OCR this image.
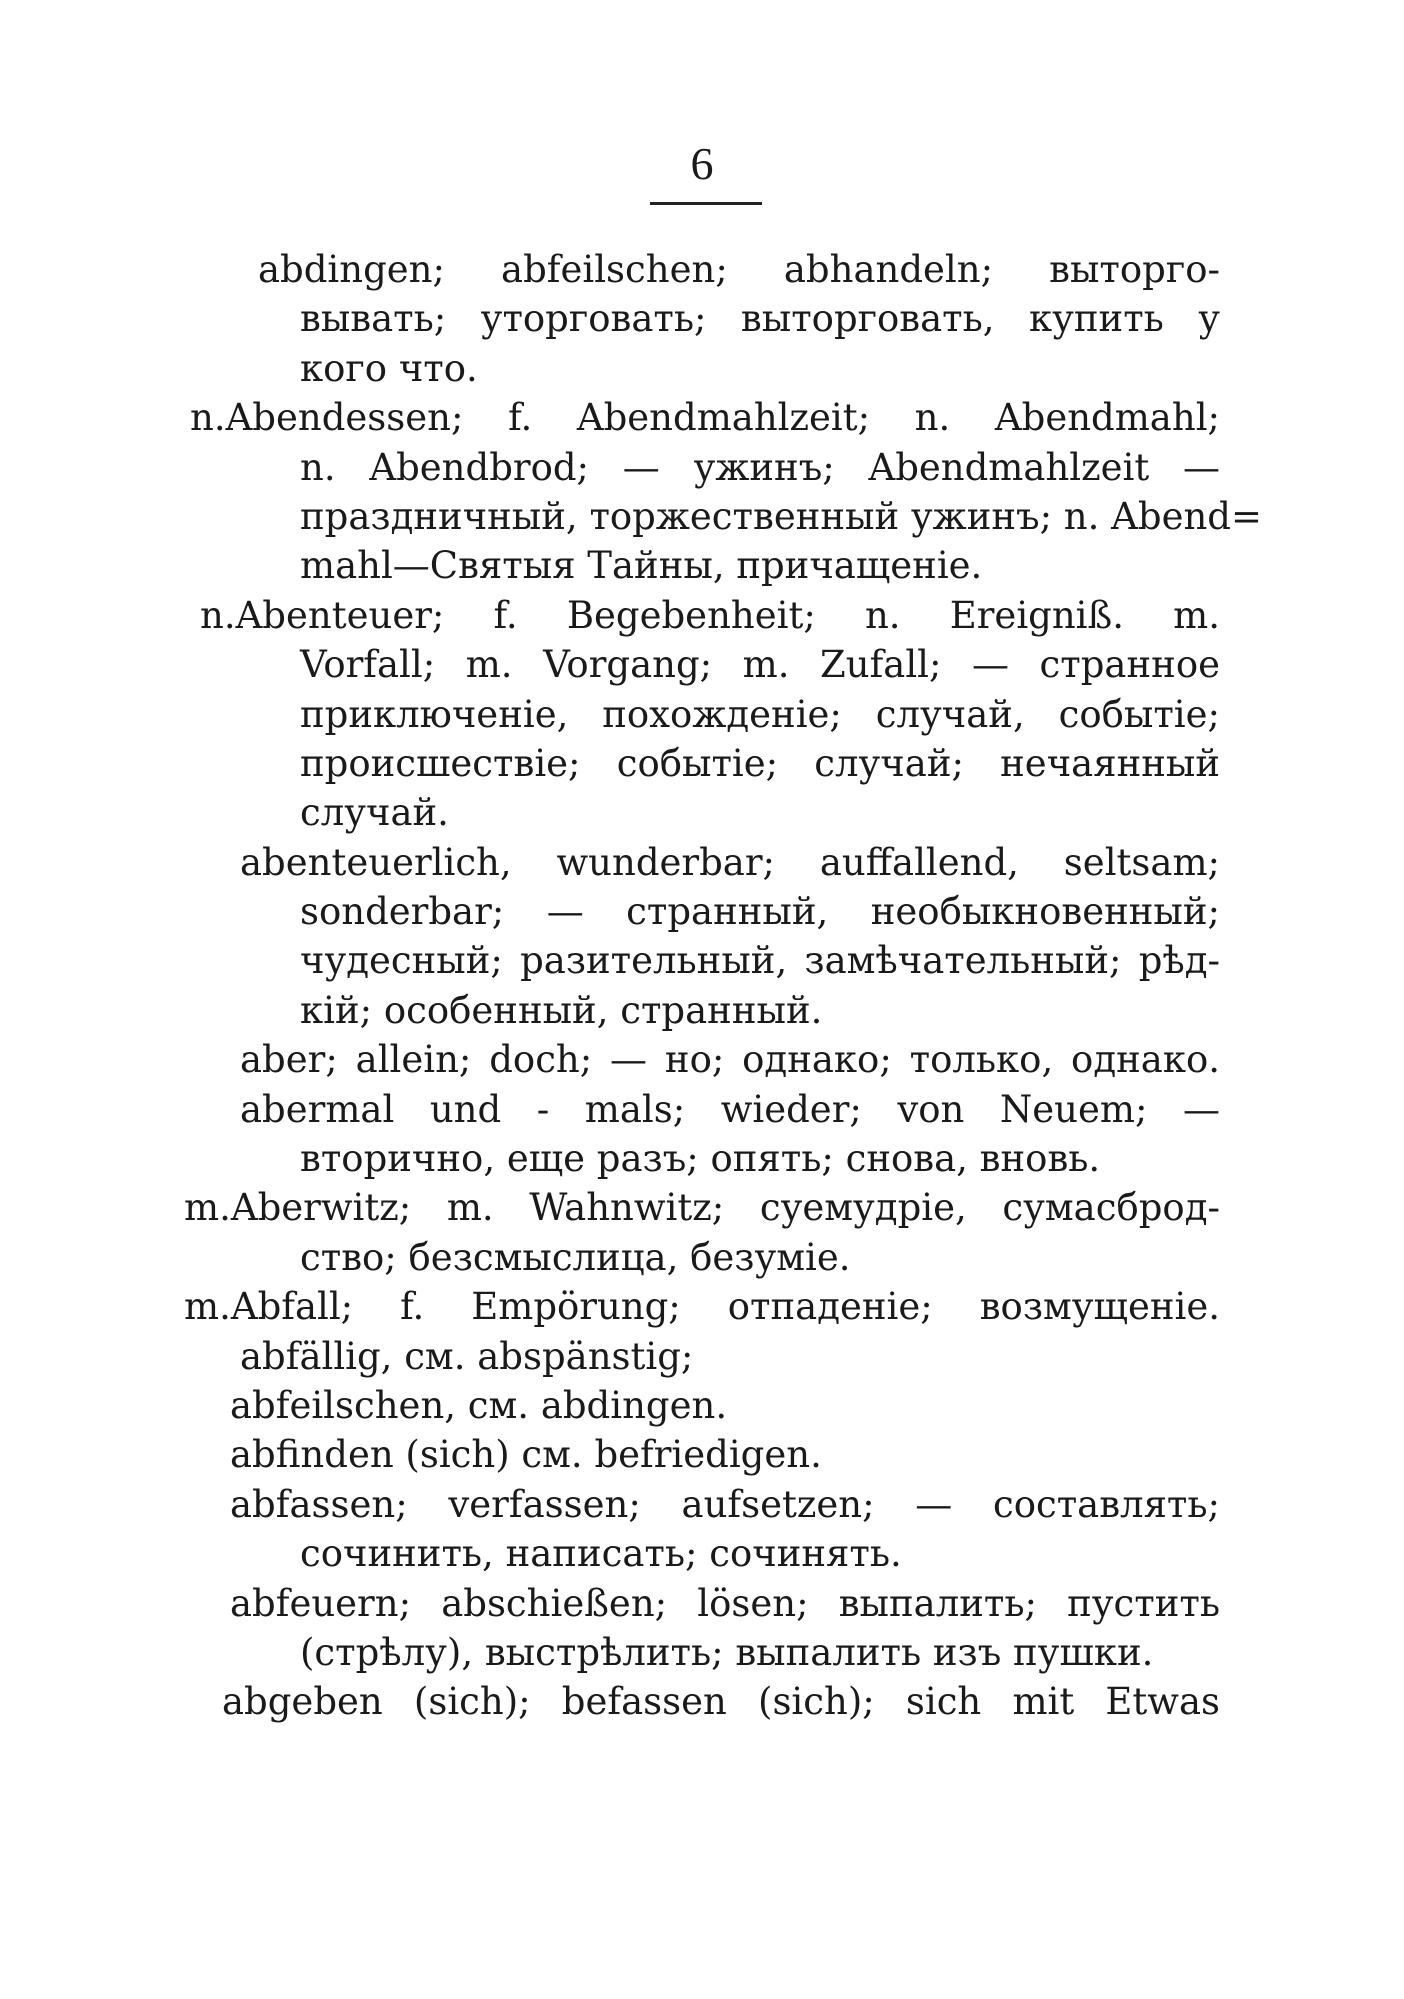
6
abdingen; abfeilschen; abhandeln; выторго-
вывать; уторговать; выторговать, купить у
кого что.
n.Abendessen; f. Abendmahlzeit; n. Abendmahl;
n. Abendbrod; — ужинъ; Abendmahlzeit —
праздничный, торжественный ужинъ; n. Abend=
mahl—Святыя Тайны, причащеніе.
n.Abenteuer; f. Begebenheit; n. Ereigniß. m.
Vorfall; m. Vorgang; m. Zufall; — странное
приключеніе, похожденіе; случай, событіе;
происшествіе; событіе; случай; нечаянный
случай.
abenteuerlich, wunderbar; auffallend, seltsam;
sonderbar; — странный, необыкновенный;
чудесный; разительный, замѣчательный; рѣд-
кій; особенный, странный.
aber; allein; doch; — но; однако; только, однако.
abermal und - mals; wieder; von Neuem; —
вторично, еще разъ; опять; снова, вновь.
m.Aberwitz; m. Wahnwitz; суемудріе, сумасброд-
ство; безсмыслица, безуміе.
m.Abfall; f. Empörung; отпаденіе; возмущеніе.
abfällig, см. abspänstig;
abfeilschen, см. abdingen.
abfinden (sich) см. befriedigen.
abfassen; verfassen; aufsetzen; — составлять;
сочинить, написать; сочинять.
abfeuern; abschießen; lösen; выпалить; пустить
(стрѣлу), выстрѣлить; выпалить изъ пушки.
abgeben (sich); befassen (sich); sich mit Etwas
